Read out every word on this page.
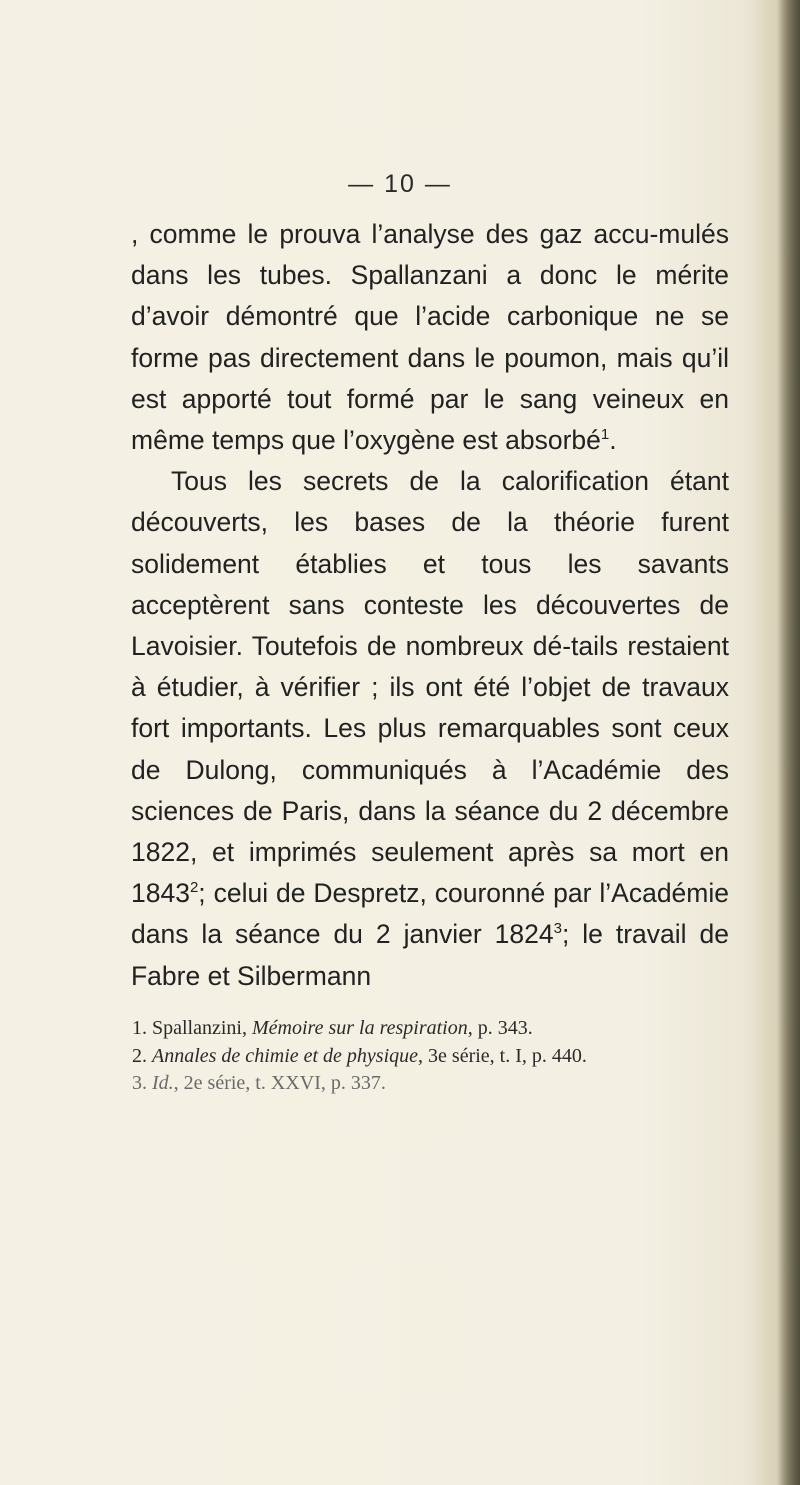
— 10 —

, comme le prouva l’analyse des gaz accu-mulés dans les tubes. Spallanzani a donc le mérite d’avoir démontré que l’acide carbonique ne se forme pas directement dans le poumon, mais qu’il est apporté tout formé par le sang veineux en même temps que l’oxygène est absorbé$^1$.

Tous les secrets de la calorification étant découverts, les bases de la théorie furent solidement établies et tous les savants acceptèrent sans conteste les découvertes de Lavoisier. Toutefois de nombreux dé-tails restaient à étudier, à vérifier ; ils ont été l’objet de travaux fort importants. Les plus remarquables sont ceux de Dulong, communiqués à l’Académie des sciences de Paris, dans la séance du 2 décembre 1822, et imprimés seulement après sa mort en 1843$^2$; celui de Despretz, couronné par l’Académie dans la séance du 2 janvier 1824$^3$; le travail de Fabre et Silbermann

1. Spallanzini, Mémoire sur la respiration, p. 343.
2. Annales de chimie et de physique, 3e série, t. I, p. 440.
3. Id., 2e série, t. XXVI, p. 337.
